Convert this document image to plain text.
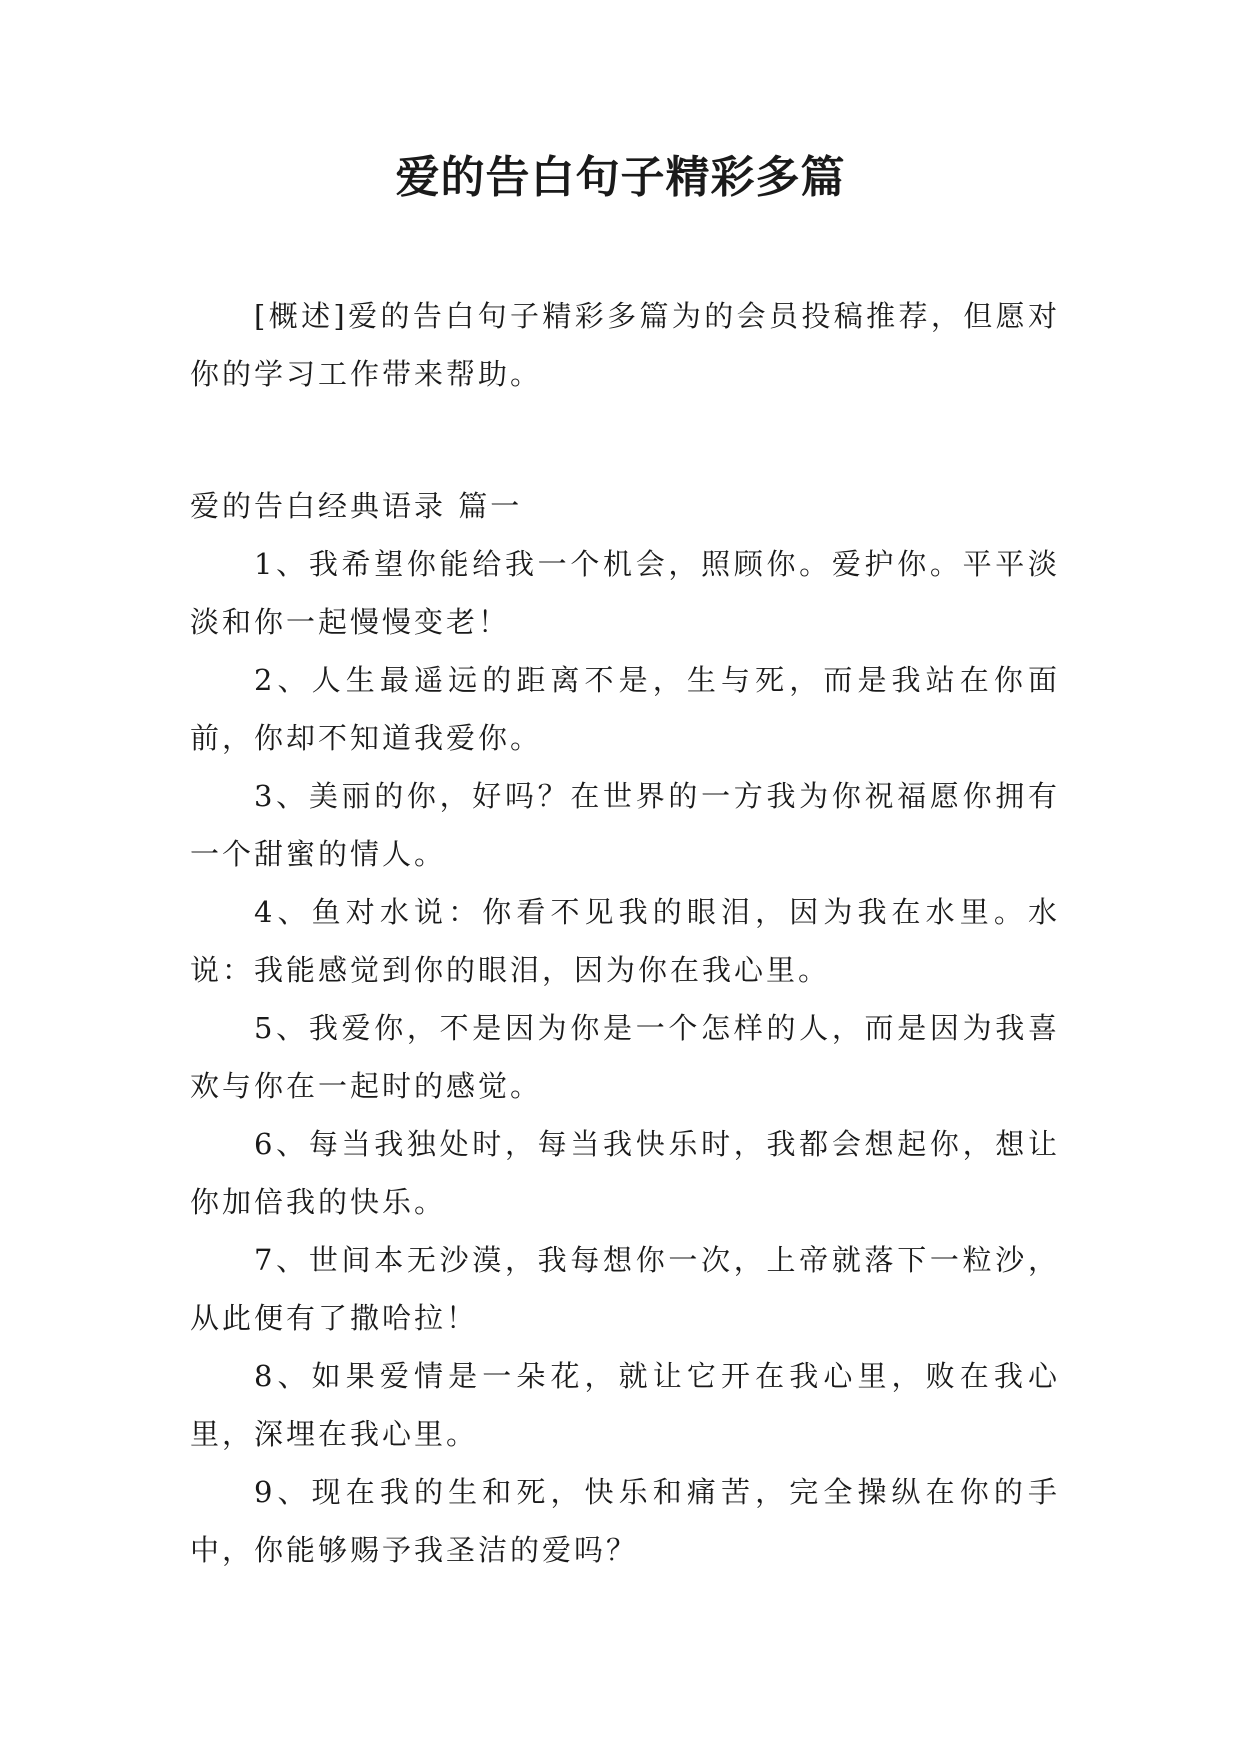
爱的告白句子精彩多篇

[概述]爱的告白句子精彩多篇为的会员投稿推荐，但愿对你的学习工作带来帮助。

爱的告白经典语录 篇一

1、我希望你能给我一个机会，照顾你。爱护你。平平淡淡和你一起慢慢变老！

2、人生最遥远的距离不是，生与死，而是我站在你面前，你却不知道我爱你。

3、美丽的你，好吗？在世界的一方我为你祝福愿你拥有一个甜蜜的情人。

4、鱼对水说：你看不见我的眼泪，因为我在水里。水说：我能感觉到你的眼泪，因为你在我心里。

5、我爱你，不是因为你是一个怎样的人，而是因为我喜欢与你在一起时的感觉。

6、每当我独处时，每当我快乐时，我都会想起你，想让你加倍我的快乐。

7、世间本无沙漠，我每想你一次，上帝就落下一粒沙，从此便有了撒哈拉！

8、如果爱情是一朵花，就让它开在我心里，败在我心里，深埋在我心里。

9、现在我的生和死，快乐和痛苦，完全操纵在你的手中，你能够赐予我圣洁的爱吗？
